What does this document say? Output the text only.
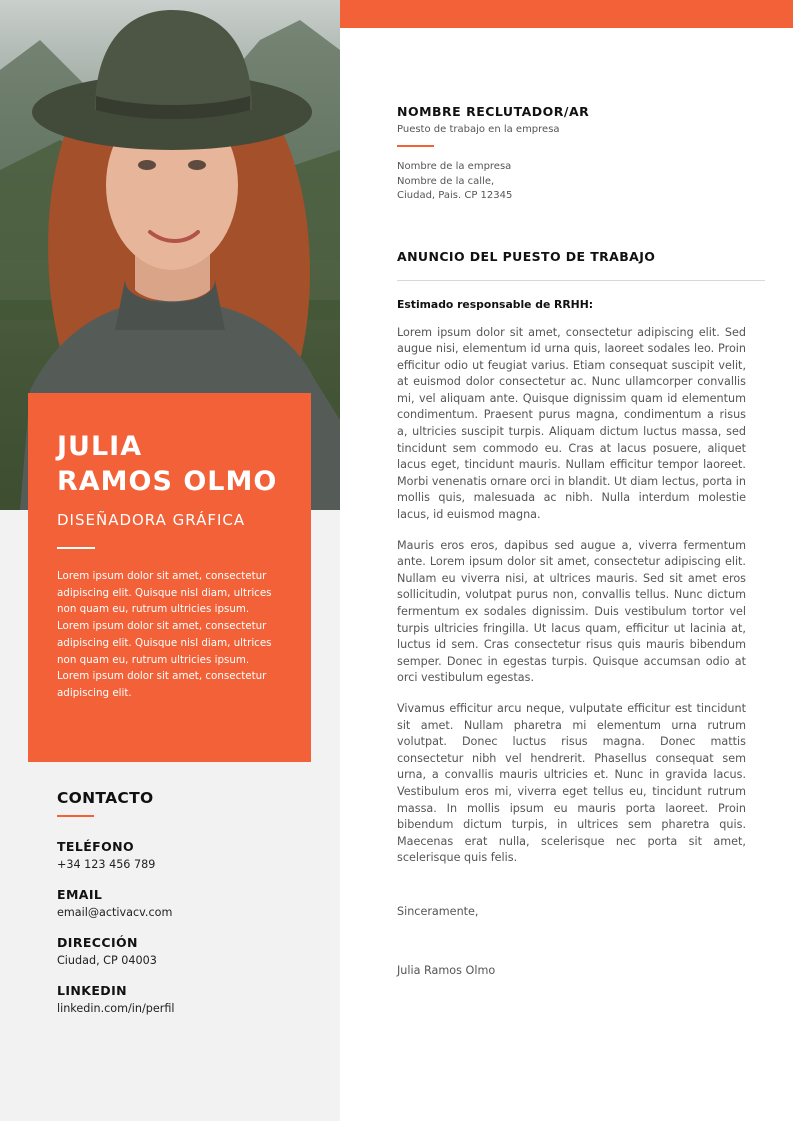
JULIA
RAMOS OLMO
DISEÑADORA GRÁFICA
Lorem ipsum dolor sit amet, consectetur adipiscing elit. Quisque nisl diam, ultrices non quam eu, rutrum ultricies ipsum. Lorem ipsum dolor sit amet, consectetur adipiscing elit. Quisque nisl diam, ultrices non quam eu, rutrum ultricies ipsum. Lorem ipsum dolor sit amet, consectetur adipiscing elit.
CONTACTO
TELÉFONO
+34 123 456 789
EMAIL
email@activacv.com
DIRECCIÓN
Ciudad, CP 04003
LINKEDIN
linkedin.com/in/perfil
NOMBRE RECLUTADOR/AR
Puesto de trabajo en la empresa
Nombre de la empresa
Nombre de la calle,
Ciudad, Pais. CP 12345
ANUNCIO DEL PUESTO DE TRABAJO
Estimado responsable de RRHH:
Lorem ipsum dolor sit amet, consectetur adipiscing elit. Sed augue nisi, elementum id urna quis, laoreet sodales leo. Proin efficitur odio ut feugiat varius. Etiam consequat suscipit velit, at euismod dolor consectetur ac. Nunc ullamcorper convallis mi, vel aliquam ante. Quisque dignissim quam id elementum condimentum. Praesent purus magna, condimentum a risus a, ultricies suscipit turpis. Aliquam dictum luctus massa, sed tincidunt sem commodo eu. Cras at lacus posuere, aliquet lacus eget, tincidunt mauris. Nullam efficitur tempor laoreet. Morbi venenatis ornare orci in blandit. Ut diam lectus, porta in mollis quis, malesuada ac nibh. Nulla interdum molestie lacus, id euismod magna.
Mauris eros eros, dapibus sed augue a, viverra fermentum ante. Lorem ipsum dolor sit amet, consectetur adipiscing elit. Nullam eu viverra nisi, at ultrices mauris. Sed sit amet eros sollicitudin, volutpat purus non, convallis tellus. Nunc dictum fermentum ex sodales dignissim. Duis vestibulum tortor vel turpis ultricies fringilla. Ut lacus quam, efficitur ut lacinia at, luctus id sem. Cras consectetur risus quis mauris bibendum semper. Donec in egestas turpis. Quisque accumsan odio at orci vestibulum egestas.
Vivamus efficitur arcu neque, vulputate efficitur est tincidunt sit amet. Nullam pharetra mi elementum urna rutrum volutpat. Donec luctus risus magna. Donec mattis consectetur nibh vel hendrerit. Phasellus consequat sem urna, a convallis mauris ultricies et. Nunc in gravida lacus. Vestibulum eros mi, viverra eget tellus eu, tincidunt rutrum massa. In mollis ipsum eu mauris porta laoreet. Proin bibendum dictum turpis, in ultrices sem pharetra quis. Maecenas erat nulla, scelerisque nec porta sit amet, scelerisque quis felis.
Sinceramente,
Julia Ramos Olmo
